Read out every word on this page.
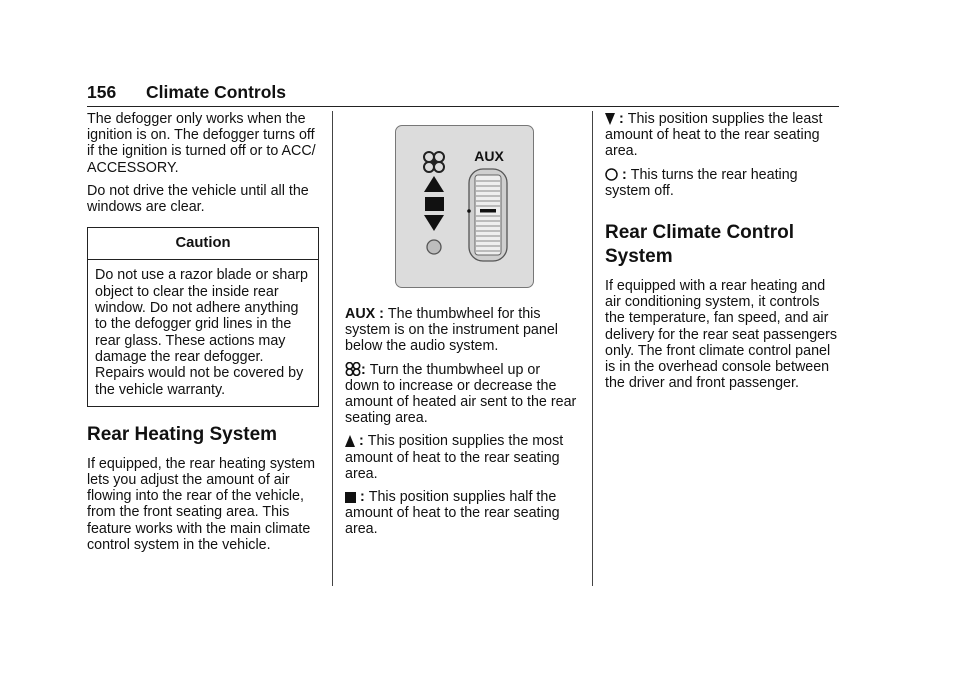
156 Climate Controls

The defogger only works when the ignition is on. The defogger turns off if the ignition is turned off or to ACC/ ACCESSORY.

Do not drive the vehicle until all the windows are clear.

Caution
Do not use a razor blade or sharp object to clear the inside rear window. Do not adhere anything to the defogger grid lines in the rear glass. These actions may damage the rear defogger. Repairs would not be covered by the vehicle warranty.
Rear Heating System

If equipped, the rear heating system lets you adjust the amount of air flowing into the rear of the vehicle, from the front seating area. This feature works with the main climate control system in the vehicle.

AUX

AUX : The thumbwheel for this system is on the instrument panel below the audio system.

: Turn the thumbwheel up or down to increase or decrease the amount of heated air sent to the rear seating area.

: This position supplies the most amount of heat to the rear seating area.

: This position supplies half the amount of heat to the rear seating area.

: This position supplies the least amount of heat to the rear seating area.

: This turns the rear heating system off.

Rear Climate Control System

If equipped with a rear heating and air conditioning system, it controls the temperature, fan speed, and air delivery for the rear seat passengers only. The front climate control panel is in the overhead console between the driver and front passenger.
